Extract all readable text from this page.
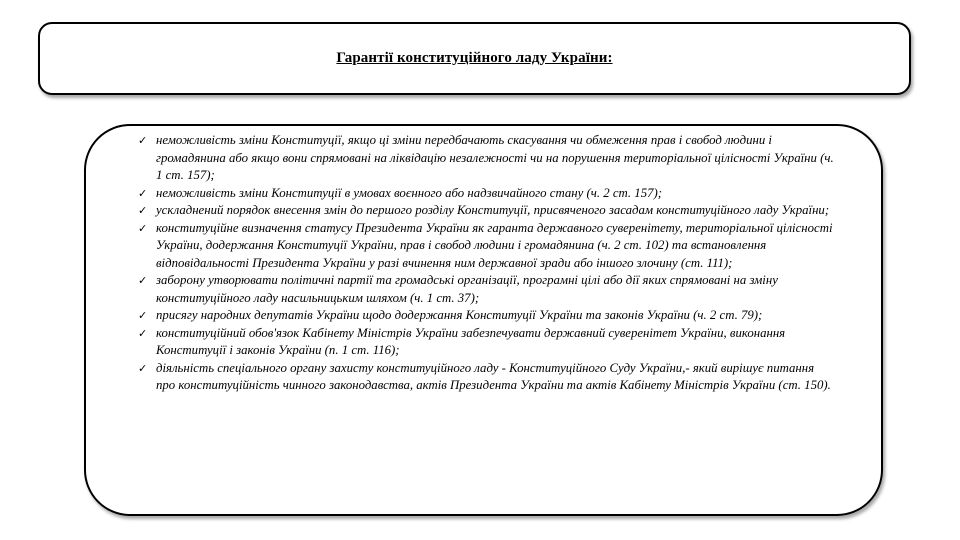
Гарантії конституційного ладу України:
✓ неможливість зміни Конституції, якщо ці зміни передбачають скасування чи обмеження прав і свобод людини і громадянина або якщо вони спрямовані на ліквідацію незалежності чи на порушення територіальної цілісності України (ч. 1 ст. 157);
✓ неможливість зміни Конституції в умовах воєнного або надзвичайного стану (ч. 2 ст. 157);
✓ ускладнений порядок внесення змін до першого розділу Конституції, присвяченого засадам конституційного ладу України;
✓ конституційне визначення статусу Президента України як гаранта державного суверенітету, територіальної цілісності України, додержання Конституції України, прав і свобод людини і громадянина (ч. 2 ст. 102) та встановлення відповідальності Президента України у разі вчинення ним державної зради або іншого злочину (ст. 111);
✓ заборону утворювати політичні партії та громадські організації, програмні цілі або дії яких спрямовані на зміну конституційного ладу насильницьким шляхом (ч. 1 ст. 37);
✓ присягу народних депутатів України щодо додержання Конституції України та законів України (ч. 2 ст. 79);
✓ конституційний обов'язок Кабінету Міністрів України забезпечувати державний суверенітет України, виконання Конституції і законів України (п. 1 ст. 116);
✓ діяльність спеціального органу захисту конституційного ладу - Конституційного Суду України,- який вирішує питання про конституційність чинного законодавства, актів Президента України та актів Кабінету Міністрів України (ст. 150).
